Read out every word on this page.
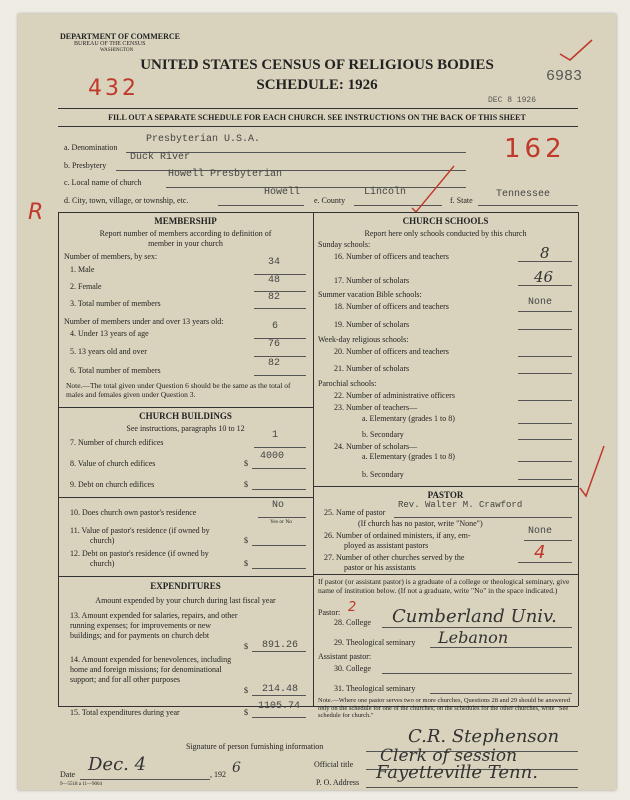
DEPARTMENT OF COMMERCE
BUREAU OF THE CENSUS
WASHINGTON
UNITED STATES CENSUS OF RELIGIOUS BODIES
SCHEDULE: 1926
432	6983
DEC 8 1926
FILL OUT A SEPARATE SCHEDULE FOR EACH CHURCH. SEE INSTRUCTIONS ON THE BACK OF THIS SHEET
162
a. Denomination
Presbyterian U.S.A.
b. Presbytery
Duck River
c. Local name of church
Howell Presbyterian
d. City, town, village, or township, etc.
Howell
e. County
Lincoln
f. State
Tennessee
R	MEMBERSHIP
Report number of members according to definition of
member in your church
Number of members, by sex:
1. Male
34
2. Female
48
3. Total number of members
82
Number of members under and over 13 years old:
4. Under 13 years of age
6
5. 13 years old and over
76
6. Total number of members
82
Note.—The total given under Question 6 should be the same as the total of males and females given under Question 3.
CHURCH BUILDINGS
See instructions, paragraphs 10 to 12
7. Number of church edifices
1
8. Value of church edifices	$
4000
9. Debt on church edifices	$
10. Does church own pastor's residence
No
Yes or No
11. Value of pastor's residence (if owned by
church)	$
12. Debt on pastor's residence (if owned by
church)	$
EXPENDITURES
Amount expended by your church during last fiscal year
13. Amount expended for salaries, repairs, and other running expenses; for improvements or new buildings; and for payments on church debt
$ 891.26
14. Amount expended for benevolences, including home and foreign missions; for denominational support; and for all other purposes
$ 214.48
15. Total expenditures during year	$
1105.74
CHURCH SCHOOLS
Report here only schools conducted by this church
Sunday schools:
16. Number of officers and teachers	8
17. Number of scholars	46
Summer vacation Bible schools:
18. Number of officers and teachers	None
19. Number of scholars
Week-day religious schools:
20. Number of officers and teachers
21. Number of scholars
Parochial schools:
22. Number of administrative officers
23. Number of teachers—
a. Elementary (grades 1 to 8)
b. Secondary
24. Number of scholars—
a. Elementary (grades 1 to 8)
b. Secondary
PASTOR
25. Name of pastor
Rev. Walter M. Crawford
(If church has no pastor, write "None")
26. Number of ordained ministers, if any, em-
ployed as assistant pastors
None
27. Number of other churches served by the
pastor or his assistants
4
If pastor (or assistant pastor) is a graduate of a college or theological seminary, give name of institution below. (If not a graduate, write "No" in the space indicated.)
Pastor: 2
28. College Cumberland Univ.
29. Theological seminary Lebanon
Assistant pastor:
30. College
31. Theological seminary
Note.—Where one pastor serves two or more churches, Questions 28 and 29 should be answered only on the schedule for one of the churches; on the schedules for the other churches, write "See schedule for church."
Signature of person furnishing information	C.R. Stephenson
Official title Clerk of session
P. O. Address Fayetteville Tenn.
Date Dec. 4	, 192 6
9—5518 a 11—9064
